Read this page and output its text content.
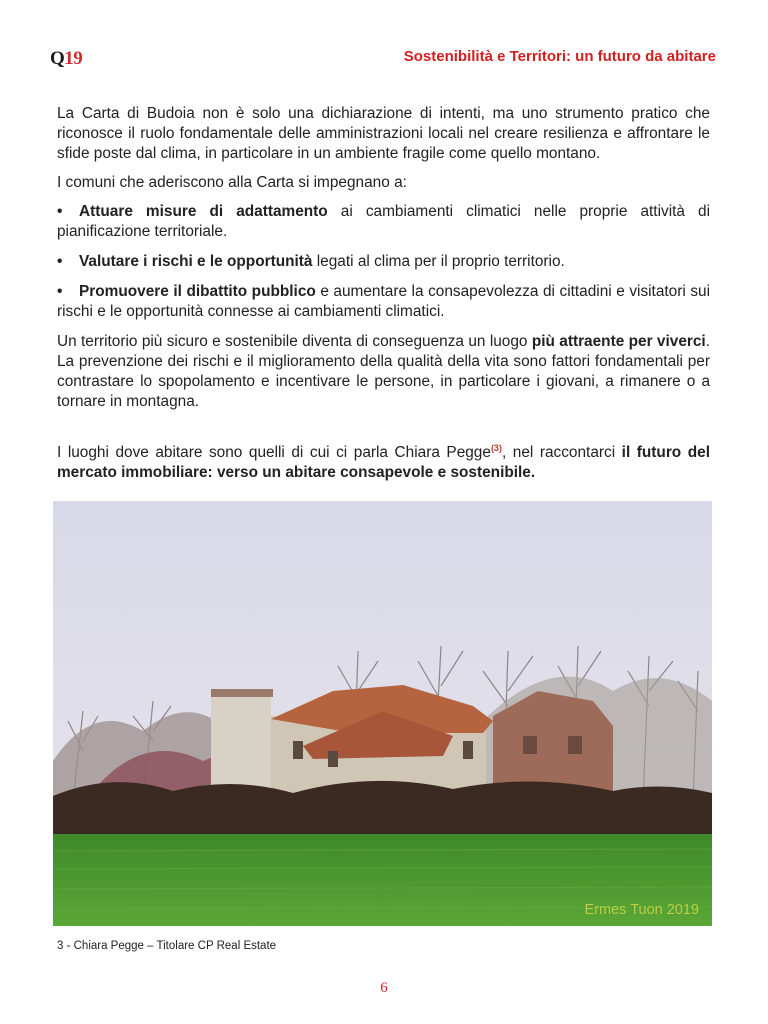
Q19	Sostenibilità e Territori: un futuro da abitare

La Carta di Budoia non è solo una dichiarazione di intenti, ma uno strumento pratico che riconosce il ruolo fondamentale delle amministrazioni locali nel creare resilienza e affrontare le sfide poste dal clima, in particolare in un ambiente fragile come quello montano.

I comuni che aderiscono alla Carta si impegnano a:

• Attuare misure di adattamento ai cambiamenti climatici nelle proprie attività di pianificazione territoriale.
• Valutare i rischi e le opportunità legati al clima per il proprio territorio.
• Promuovere il dibattito pubblico e aumentare la consapevolezza di cittadini e visitatori sui rischi e le opportunità connesse ai cambiamenti climatici.

Un territorio più sicuro e sostenibile diventa di conseguenza un luogo più attraente per viverci. La prevenzione dei rischi e il miglioramento della qualità della vita sono fattori fondamentali per contrastare lo spopolamento e incentivare le persone, in particolare i giovani, a rimanere o a tornare in montagna.

I luoghi dove abitare sono quelli di cui ci parla Chiara Pegge$^{(3)}$, nel raccontarci il futuro del mercato immobiliare: verso un abitare consapevole e sostenibile.

Ermes Tuon 2019
3 - Chiara Pegge – Titolare CP Real Estate
6
